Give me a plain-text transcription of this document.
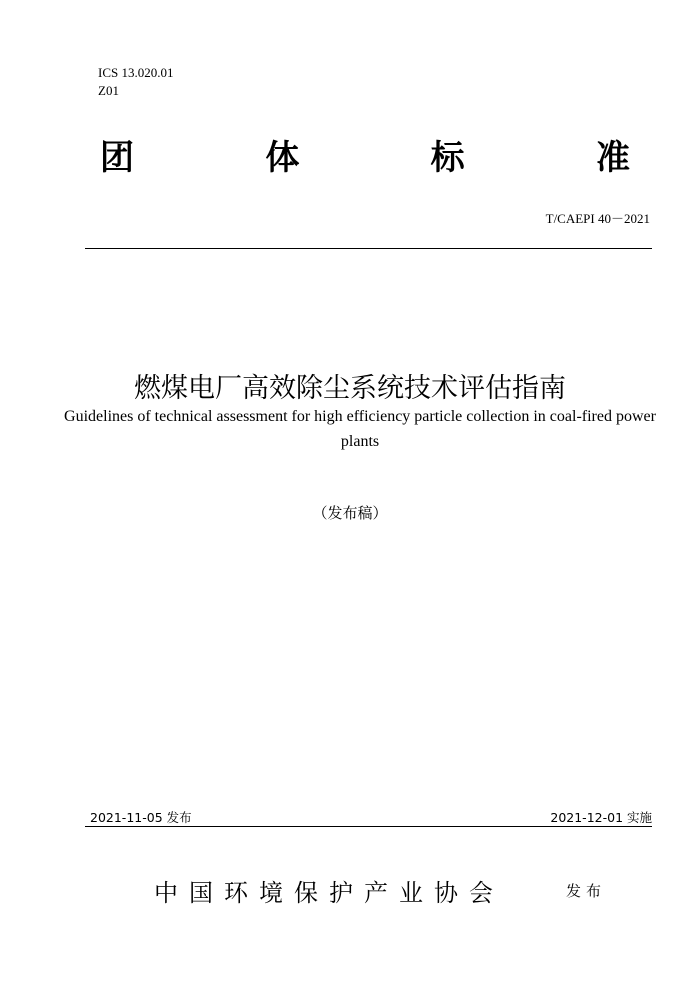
ICS 13.020.01
Z01
团	体	标	准
T/CAEPI 40－2021
燃煤电厂高效除尘系统技术评估指南
Guidelines of technical assessment for high efficiency particle collection in coal-fired power plants
（发布稿）
2021-11-05 发布	2021-12-01 实施
中国环境保护产业协会	发布
